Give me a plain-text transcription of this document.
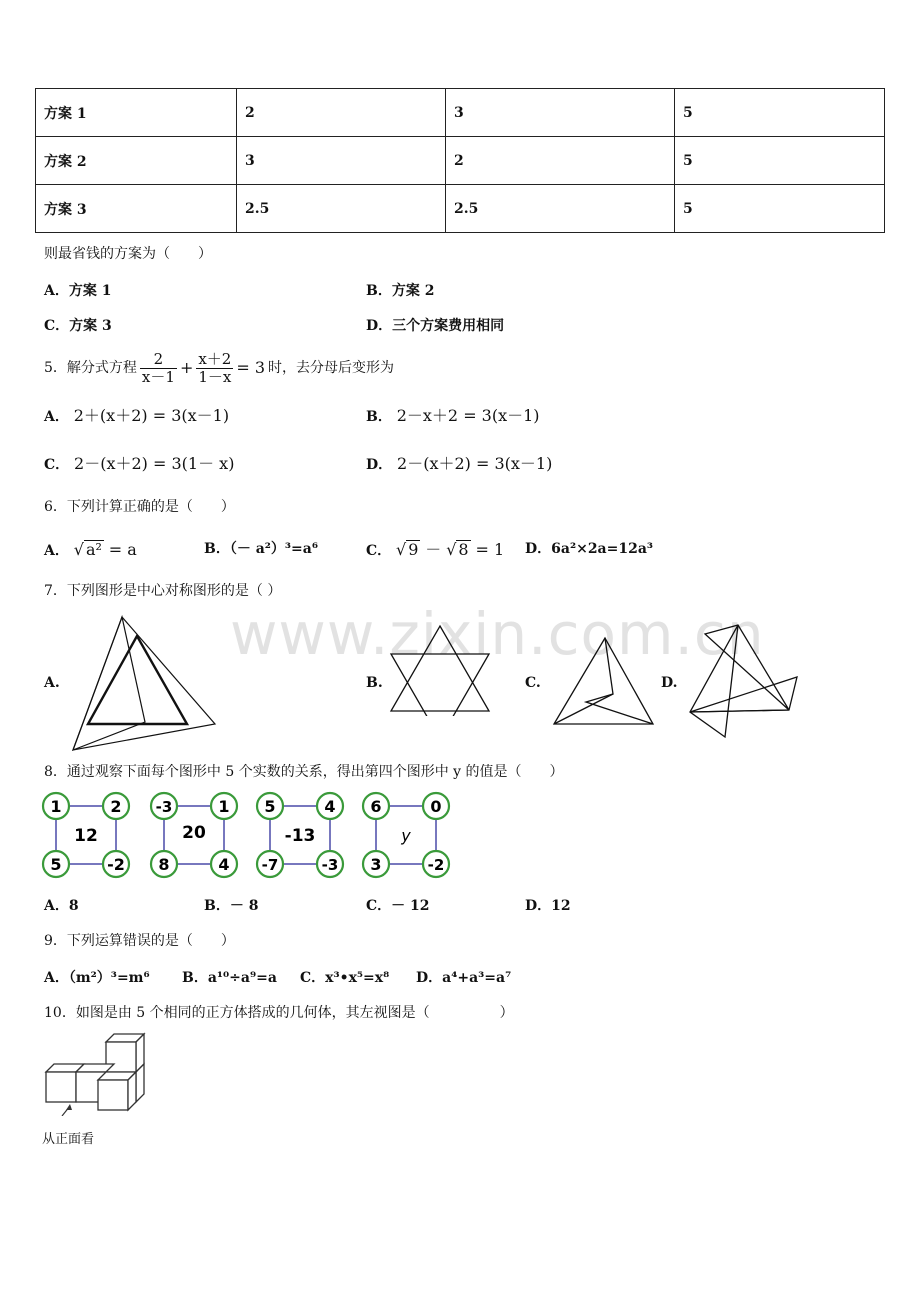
方案 1	2	3	5
方案 2	3	2	5
方案 3	2.5	2.5	5
则最省钱的方案为（　　）
A．方案 1	B．方案 2
C．方案 3	D．三个方案费用相同
5．解分式方程 $\frac{2}{x-1} + \frac{x+2}{1-x} = 3$ 时，去分母后变形为
A． 2＋(x＋2) = 3(x－1)	B． 2－x＋2 = 3(x－1)
C． 2－(x＋2) = 3(1－ x)	D． 2－(x＋2) = 3(x－1)
6．下列计算正确的是（　　）
A． √ a² = a	B．（－ a²）³=a⁶	C． √ 9 － √ 8 = 1 D．6a²×2a=12a³
7．下列图形是中心对称图形的是（ ）
www.zixin.com.cn
A.	B.	C.	D.
8．通过观察下面每个图形中 5 个实数的关系，得出第四个图形中 y 的值是（　　）
1	2
5	-2
12
-3	1
8	4
20
5	4
-7	-3
-13
6	0
3	-2
y
A．8	B．－ 8	C．－ 12	D．12
9．下列运算错误的是（　　）
A．（m²）³=m⁶ B．a¹⁰÷a⁹=a C．x³•x⁵=x⁸ D．a⁴+a³=a⁷
10．如图是由 5 个相同的正方体搭成的几何体，其左视图是（　　　　　）
从正面看
